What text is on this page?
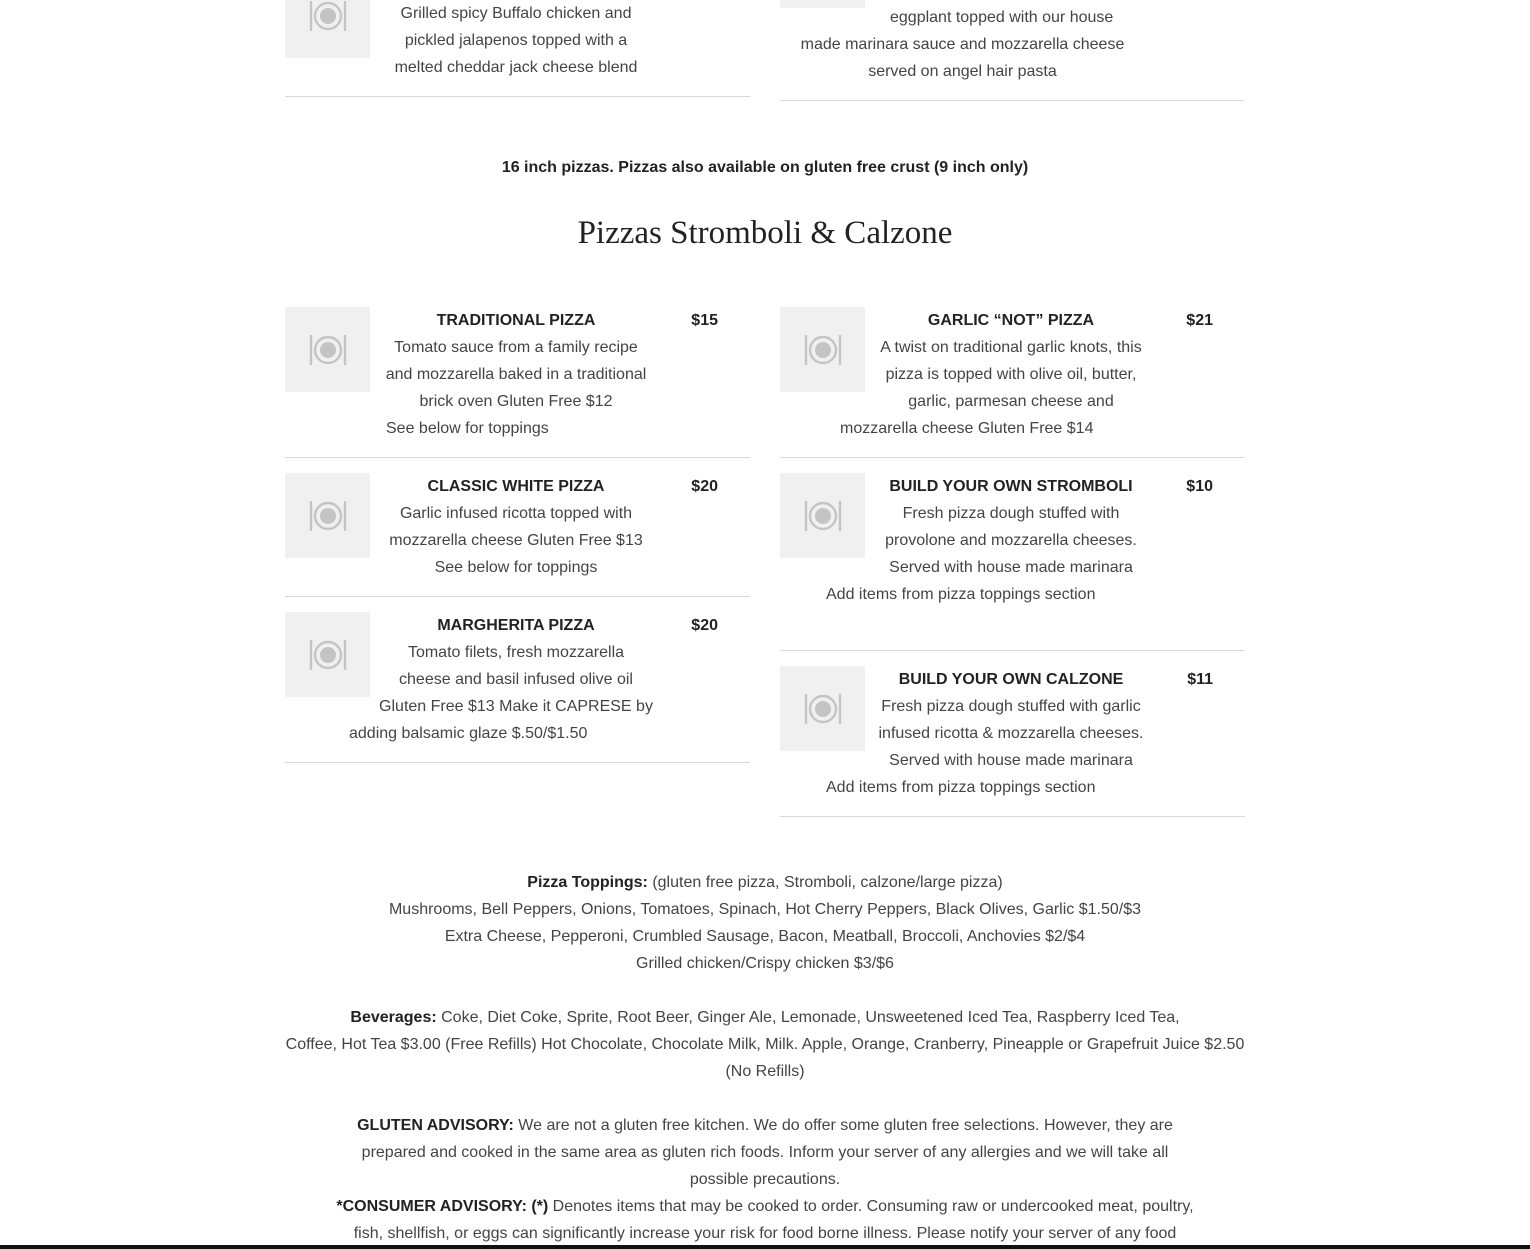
Grilled spicy Buffalo chicken and
pickled jalapenos topped with a
melted cheddar jack cheese blend
eggplant topped with our house
made marinara sauce and mozzarella cheese
served on angel hair pasta
16 inch pizzas. Pizzas also available on gluten free crust (9 inch only)
Pizzas Stromboli & Calzone
TRADITIONAL PIZZA	$15
Tomato sauce from a family recipe
and mozzarella baked in a traditional
brick oven Gluten Free $12
See below for toppings
CLASSIC WHITE PIZZA	$20
Garlic infused ricotta topped with
mozzarella cheese Gluten Free $13
See below for toppings
MARGHERITA PIZZA	$20
Tomato filets, fresh mozzarella
cheese and basil infused olive oil
Gluten Free $13 Make it CAPRESE by
adding balsamic glaze $.50/$1.50
GARLIC “NOT” PIZZA	$21
A twist on traditional garlic knots, this
pizza is topped with olive oil, butter,
garlic, parmesan cheese and
mozzarella cheese Gluten Free $14
BUILD YOUR OWN STROMBOLI	$10
Fresh pizza dough stuffed with
provolone and mozzarella cheeses.
Served with house made marinara
Add items from pizza toppings section
BUILD YOUR OWN CALZONE	$11
Fresh pizza dough stuffed with garlic
infused ricotta & mozzarella cheeses.
Served with house made marinara
Add items from pizza toppings section
Pizza Toppings: (gluten free pizza, Stromboli, calzone/large pizza)
Mushrooms, Bell Peppers, Onions, Tomatoes, Spinach, Hot Cherry Peppers, Black Olives, Garlic $1.50/$3
Extra Cheese, Pepperoni, Crumbled Sausage, Bacon, Meatball, Broccoli, Anchovies $2/$4
Grilled chicken/Crispy chicken $3/$6
Beverages: Coke, Diet Coke, Sprite, Root Beer, Ginger Ale, Lemonade, Unsweetened Iced Tea, Raspberry Iced Tea,
Coffee, Hot Tea $3.00 (Free Refills) Hot Chocolate, Chocolate Milk, Milk. Apple, Orange, Cranberry, Pineapple or Grapefruit Juice $2.50
(No Refills)
GLUTEN ADVISORY: We are not a gluten free kitchen. We do offer some gluten free selections. However, they are
prepared and cooked in the same area as gluten rich foods. Inform your server of any allergies and we will take all
possible precautions.
*CONSUMER ADVISORY: (*) Denotes items that may be cooked to order. Consuming raw or undercooked meat, poultry,
fish, shellfish, or eggs can significantly increase your risk for food borne illness. Please notify your server of any food
